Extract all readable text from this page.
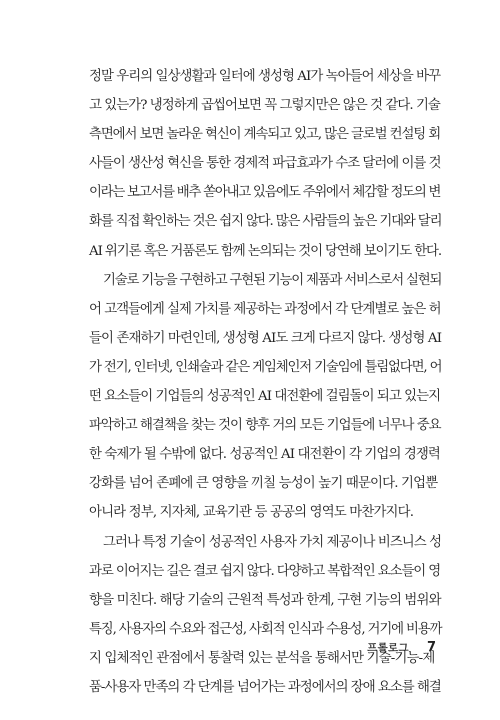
정말 우리의 일상생활과 일터에 생성형 AI가 녹아들어 세상을 바꾸
고 있는가? 냉정하게 곱씹어보면 꼭 그렇지만은 않은 것 같다. 기술
측면에서 보면 놀라운 혁신이 계속되고 있고, 많은 글로벌 컨설팅 회
사들이 생산성 혁신을 통한 경제적 파급효과가 수조 달러에 이를 것
이라는 보고서를 배추 쏟아내고 있음에도 주위에서 체감할 정도의 변
화를 직접 확인하는 것은 쉽지 않다. 많은 사람들의 높은 기대와 달리
AI 위기론 혹은 거품론도 함께 논의되는 것이 당연해 보이기도 한다.
기술로 기능을 구현하고 구현된 기능이 제품과 서비스로서 실현되
어 고객들에게 실제 가치를 제공하는 과정에서 각 단계별로 높은 허
들이 존재하기 마련인데, 생성형 AI도 크게 다르지 않다. 생성형 AI
가 전기, 인터넷, 인쇄술과 같은 게임체인저 기술임에 틀림없다면, 어
떤 요소들이 기업들의 성공적인 AI 대전환에 걸림돌이 되고 있는지
파악하고 해결책을 찾는 것이 향후 거의 모든 기업들에 너무나 중요
한 숙제가 될 수밖에 없다. 성공적인 AI 대전환이 각 기업의 경쟁력
강화를 넘어 존폐에 큰 영향을 끼칠 능성이 높기 때문이다. 기업뿐
아니라 정부, 지자체, 교육기관 등 공공의 영역도 마찬가지다.
그러나 특정 기술이 성공적인 사용자 가치 제공이나 비즈니스 성
과로 이어지는 길은 결코 쉽지 않다. 다양하고 복합적인 요소들이 영
향을 미친다. 해당 기술의 근원적 특성과 한계, 구현 기능의 범위와
특징, 사용자의 수요와 접근성, 사회적 인식과 수용성, 거기에 비용까
지 입체적인 관점에서 통찰력 있는 분석을 통해서만 기술-기능-제
품-사용자 만족의 각 단계를 넘어가는 과정에서의 장애 요소를 해결
프롤로그 7
